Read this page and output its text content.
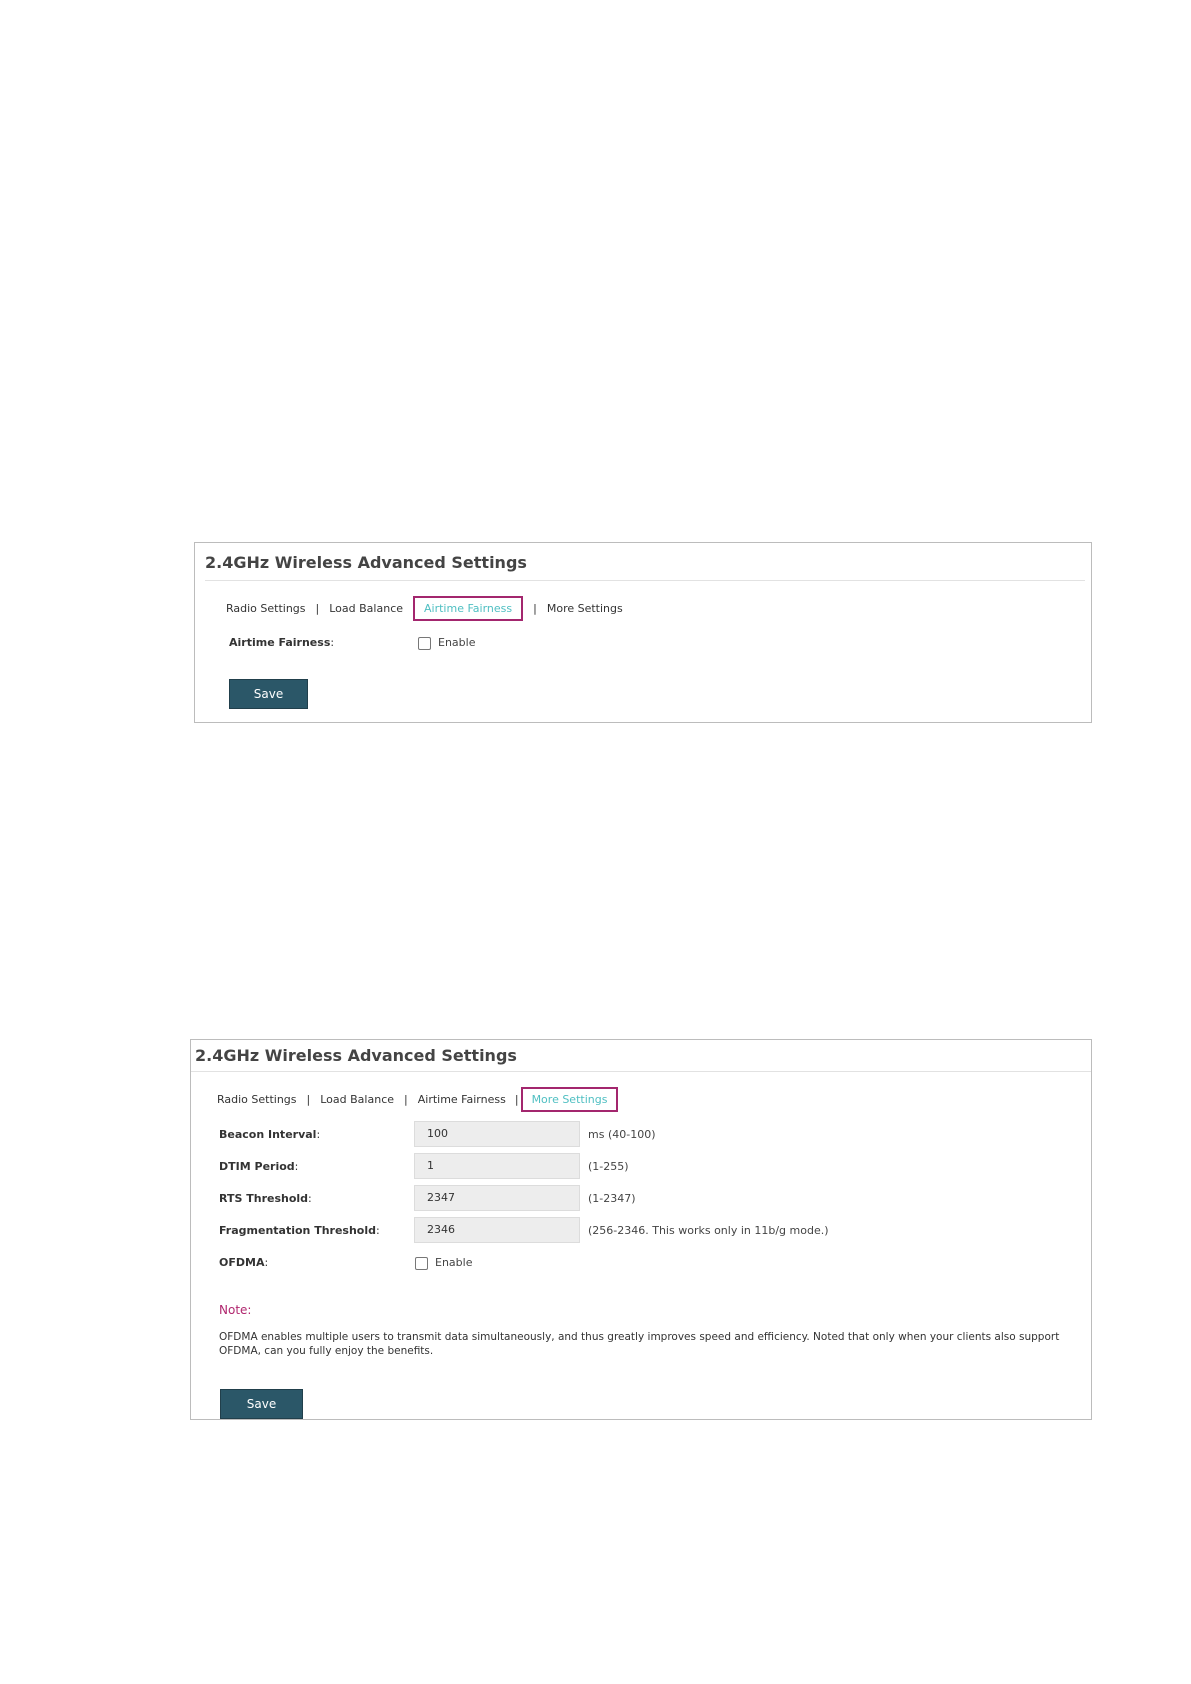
2.4GHz Wireless Advanced Settings
Radio Settings | Load Balance	Airtime Fairness	| More Settings
Airtime Fairness:	Enable
Save
2.4GHz Wireless Advanced Settings
Radio Settings | Load Balance | Airtime Fairness |	More Settings
Beacon Interval:	100	ms (40-100)
DTIM Period:	1	(1-255)
RTS Threshold:	2347	(1-2347)
Fragmentation Threshold:	2346	(256-2346. This works only in 11b/g mode.)
OFDMA:	Enable
Note:
OFDMA enables multiple users to transmit data simultaneously, and thus greatly improves speed and efficiency. Noted that only when your clients also support
OFDMA, can you fully enjoy the benefits.
Save
